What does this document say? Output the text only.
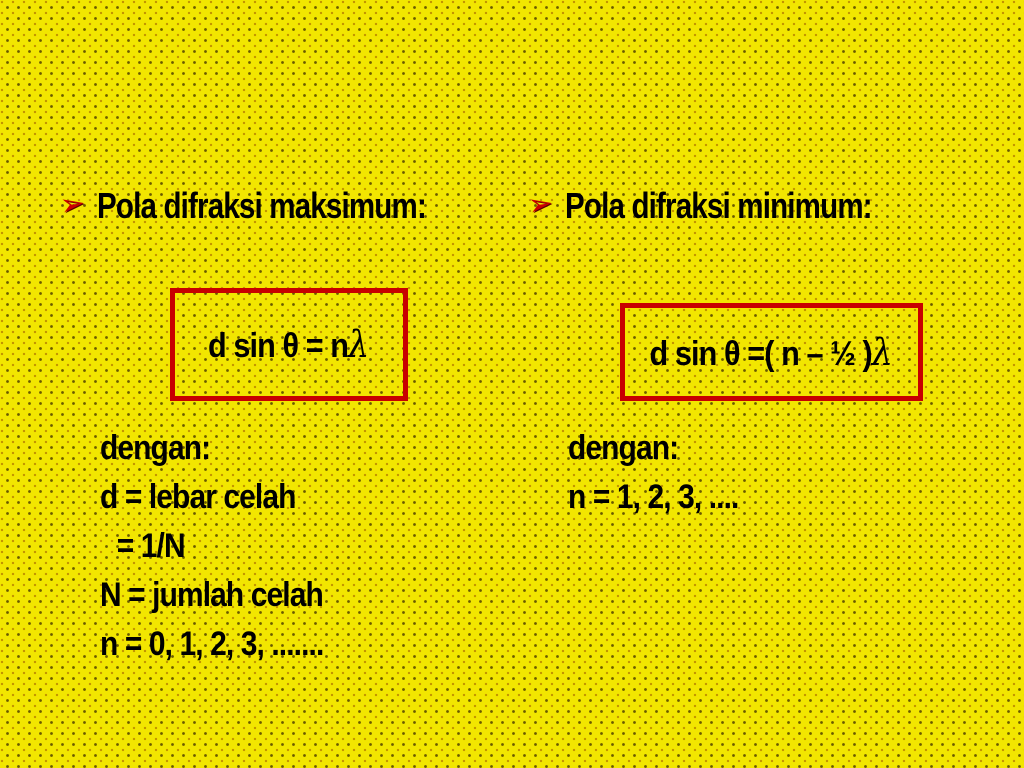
➢ Pola difraksi maksimum:	➢ Pola difraksi minimum:
d sin θ = nλ	d sin θ =( n – ½ )λ
dengan:
d = lebar celah
= 1/N
N = jumlah celah
n = 0, 1, 2, 3, .......
dengan:
n = 1, 2, 3, ....
